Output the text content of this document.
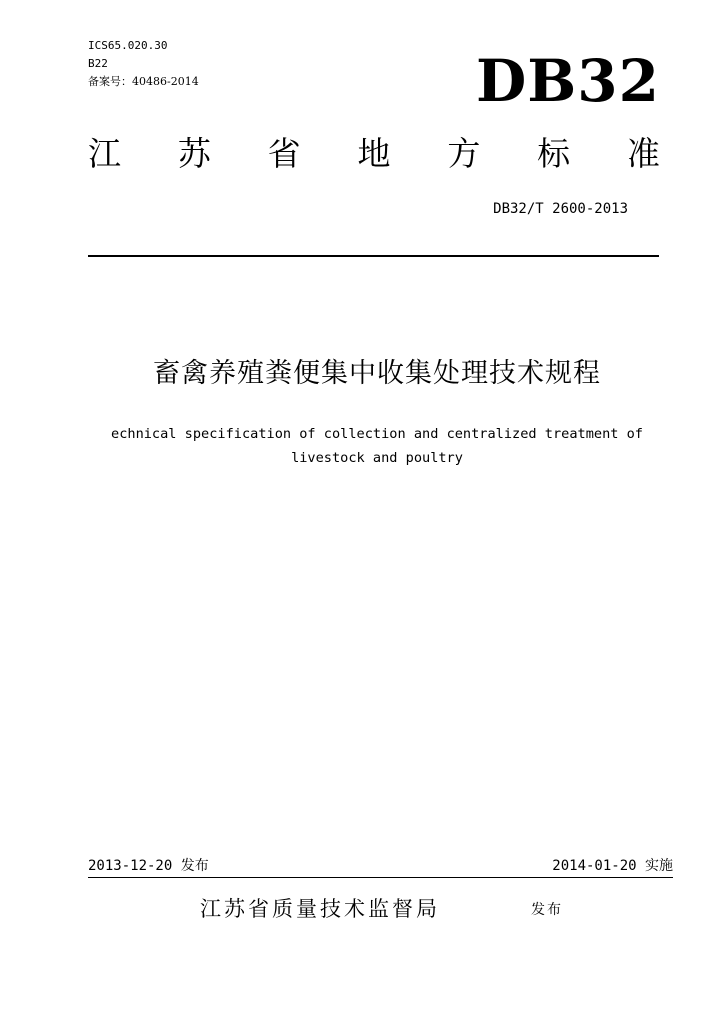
ICS65.020.30
B22
备案号：40486-2014	DB32
江 苏 省 地 方 标 准
DB32/T 2600-2013
畜禽养殖粪便集中收集处理技术规程
echnical specification of collection and centralized treatment of livestock and poultry
2013-12-20 发布	2014-01-20 实施
江苏省质量技术监督局	发布
